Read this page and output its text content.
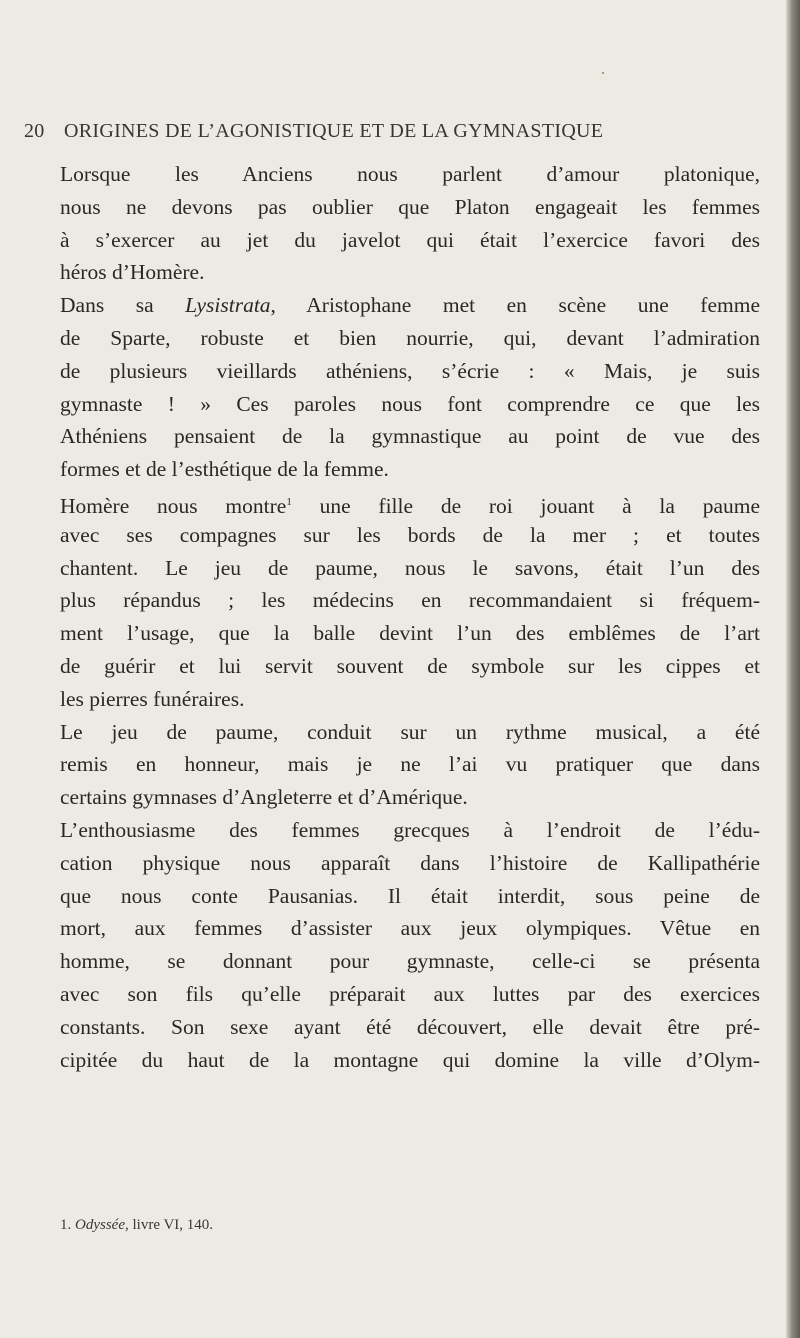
20 ORIGINES DE L’AGONISTIQUE ET DE LA GYMNASTIQUE
Lorsque les Anciens nous parlent d’amour platonique,
nous ne devons pas oublier que Platon engageait les femmes
à s’exercer au jet du javelot qui était l’exercice favori des
héros d’Homère.
Dans sa Lysistrata, Aristophane met en scène une femme
de Sparte, robuste et bien nourrie, qui, devant l’admiration
de plusieurs vieillards athéniens, s’écrie : « Mais, je suis
gymnaste ! » Ces paroles nous font comprendre ce que les
Athéniens pensaient de la gymnastique au point de vue des
formes et de l’esthétique de la femme.
Homère nous montre$^1$ une fille de roi jouant à la paume
avec ses compagnes sur les bords de la mer ; et toutes
chantent. Le jeu de paume, nous le savons, était l’un des
plus répandus ; les médecins en recommandaient si fréquem-
ment l’usage, que la balle devint l’un des emblêmes de l’art
de guérir et lui servit souvent de symbole sur les cippes et
les pierres funéraires.
Le jeu de paume, conduit sur un rythme musical, a été
remis en honneur, mais je ne l’ai vu pratiquer que dans
certains gymnases d’Angleterre et d’Amérique.
L’enthousiasme des femmes grecques à l’endroit de l’édu-
cation physique nous apparaît dans l’histoire de Kallipathérie
que nous conte Pausanias. Il était interdit, sous peine de
mort, aux femmes d’assister aux jeux olympiques. Vêtue en
homme, se donnant pour gymnaste, celle-ci se présenta
avec son fils qu’elle préparait aux luttes par des exercices
constants. Son sexe ayant été découvert, elle devait être pré-
cipitée du haut de la montagne qui domine la ville d’Olym-
1. Odyssée, livre VI, 140.
